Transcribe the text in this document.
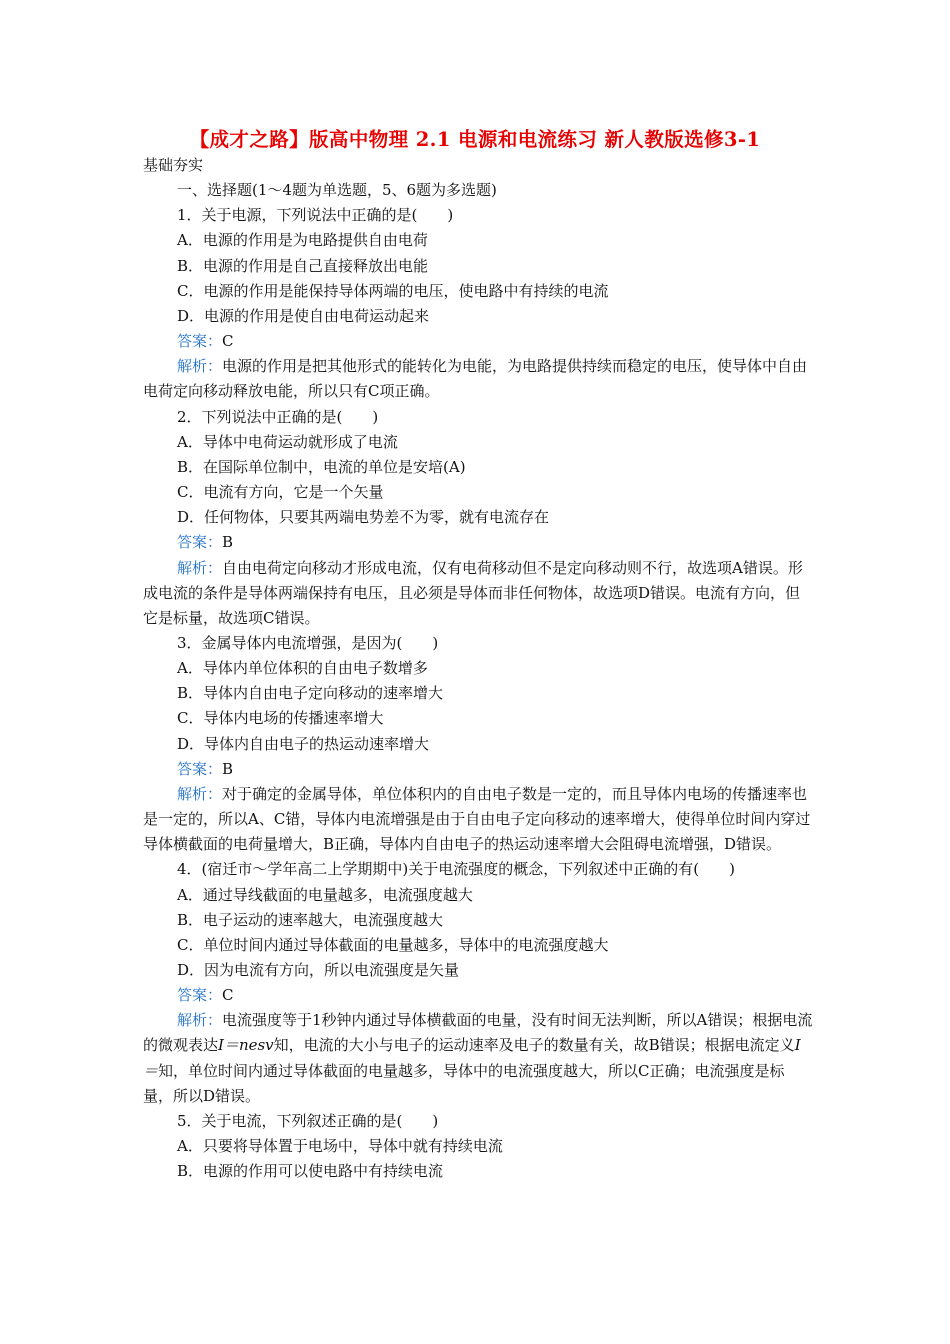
【成才之路】版高中物理 2.1 电源和电流练习 新人教版选修3-1

基础夯实

一、选择题(1～4题为单选题，5、6题为多选题)

1．关于电源，下列说法中正确的是(　　)

A．电源的作用是为电路提供自由电荷

B．电源的作用是自己直接释放出电能

C．电源的作用是能保持导体两端的电压，使电路中有持续的电流

D．电源的作用是使自由电荷运动起来

答案：C

解析：电源的作用是把其他形式的能转化为电能，为电路提供持续而稳定的电压，使导体中自由电荷定向移动释放电能，所以只有C项正确。

2．下列说法中正确的是(　　)

A．导体中电荷运动就形成了电流

B．在国际单位制中，电流的单位是安培(A)

C．电流有方向，它是一个矢量

D．任何物体，只要其两端电势差不为零，就有电流存在

答案：B

解析：自由电荷定向移动才形成电流，仅有电荷移动但不是定向移动则不行，故选项A错误。形成电流的条件是导体两端保持有电压，且必须是导体而非任何物体，故选项D错误。电流有方向，但它是标量，故选项C错误。

3．金属导体内电流增强，是因为(　　)

A．导体内单位体积的自由电子数增多

B．导体内自由电子定向移动的速率增大

C．导体内电场的传播速率增大

D．导体内自由电子的热运动速率增大

答案：B

解析：对于确定的金属导体，单位体积内的自由电子数是一定的，而且导体内电场的传播速率也是一定的，所以A、C错，导体内电流增强是由于自由电子定向移动的速率增大，使得单位时间内穿过导体横截面的电荷量增大，B正确，导体内自由电子的热运动速率增大会阻碍电流增强，D错误。

4．(宿迁市～学年高二上学期期中)关于电流强度的概念，下列叙述中正确的有(　　)

A．通过导线截面的电量越多，电流强度越大

B．电子运动的速率越大，电流强度越大

C．单位时间内通过导体截面的电量越多，导体中的电流强度越大

D．因为电流有方向，所以电流强度是矢量

答案：C

解析：电流强度等于1秒钟内通过导体横截面的电量，没有时间无法判断，所以A错误；根据电流的微观表达I＝nesv知，电流的大小与电子的运动速率及电子的数量有关，故B错误；根据电流定义I＝知，单位时间内通过导体截面的电量越多，导体中的电流强度越大，所以C正确；电流强度是标量，所以D错误。

5．关于电流，下列叙述正确的是(　　)

A．只要将导体置于电场中，导体中就有持续电流

B．电源的作用可以使电路中有持续电流
